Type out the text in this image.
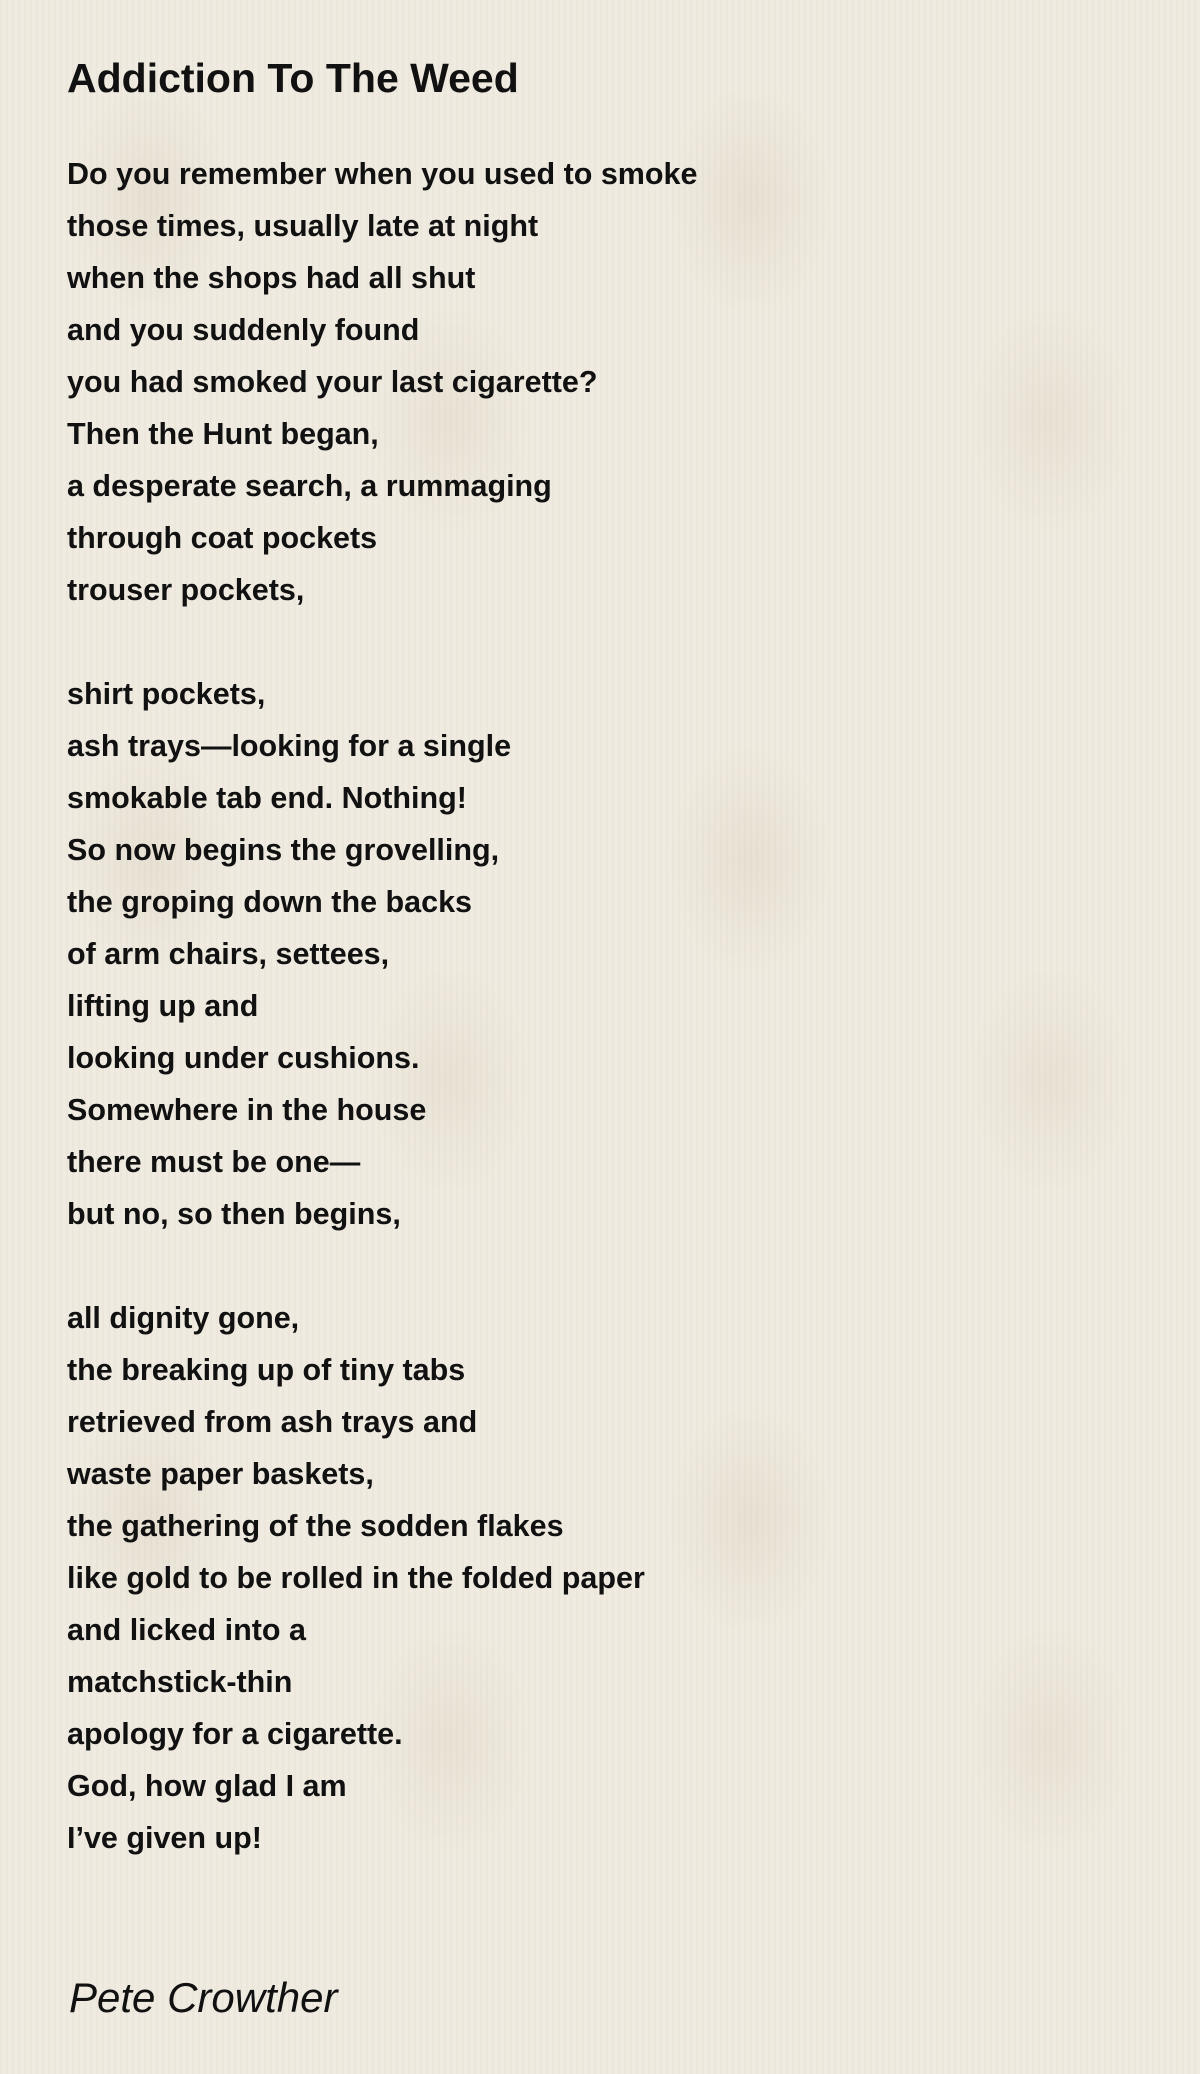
Addiction To The Weed
Do you remember when you used to smoke
those times, usually late at night
when the shops had all shut
and you suddenly found
you had smoked your last cigarette?
Then the Hunt began,
a desperate search, a rummaging
through coat pockets
trouser pockets,
shirt pockets,
ash trays—looking for a single
smokable tab end. Nothing!
So now begins the grovelling,
the groping down the backs
of arm chairs, settees,
lifting up and
looking under cushions.
Somewhere in the house
there must be one—
but no, so then begins,
all dignity gone,
the breaking up of tiny tabs
retrieved from ash trays and
waste paper baskets,
the gathering of the sodden flakes
like gold to be rolled in the folded paper
and licked into a
matchstick-thin
apology for a cigarette.
God, how glad I am
I’ve given up!

Pete Crowther
